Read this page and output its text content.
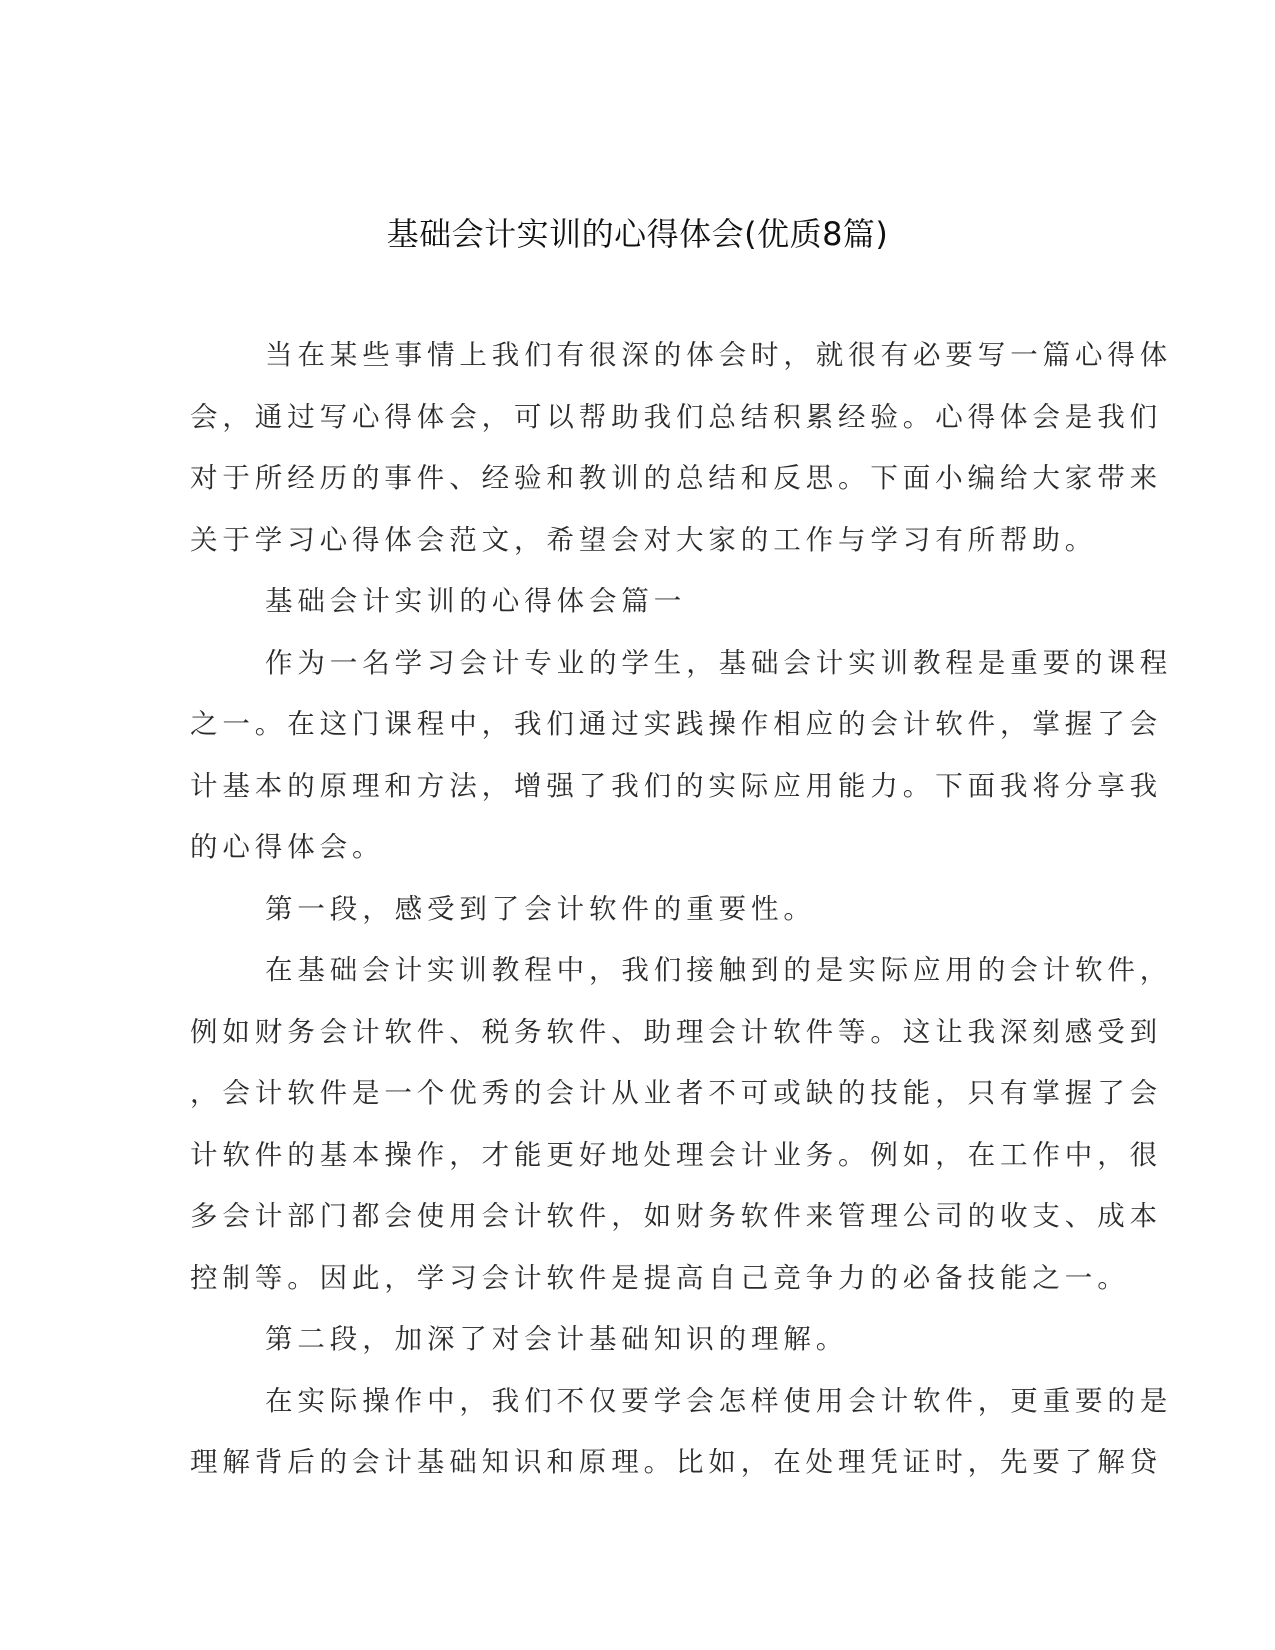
基础会计实训的心得体会(优质8篇)
当在某些事情上我们有很深的体会时，就很有必要写一篇心得体
会，通过写心得体会，可以帮助我们总结积累经验。心得体会是我们
对于所经历的事件、经验和教训的总结和反思。下面小编给大家带来
关于学习心得体会范文，希望会对大家的工作与学习有所帮助。
基础会计实训的心得体会篇一
作为一名学习会计专业的学生，基础会计实训教程是重要的课程
之一。在这门课程中，我们通过实践操作相应的会计软件，掌握了会
计基本的原理和方法，增强了我们的实际应用能力。下面我将分享我
的心得体会。
第一段，感受到了会计软件的重要性。
在基础会计实训教程中，我们接触到的是实际应用的会计软件，
例如财务会计软件、税务软件、助理会计软件等。这让我深刻感受到
，会计软件是一个优秀的会计从业者不可或缺的技能，只有掌握了会
计软件的基本操作，才能更好地处理会计业务。例如，在工作中，很
多会计部门都会使用会计软件，如财务软件来管理公司的收支、成本
控制等。因此，学习会计软件是提高自己竞争力的必备技能之一。
第二段，加深了对会计基础知识的理解。
在实际操作中，我们不仅要学会怎样使用会计软件，更重要的是
理解背后的会计基础知识和原理。比如，在处理凭证时，先要了解贷
